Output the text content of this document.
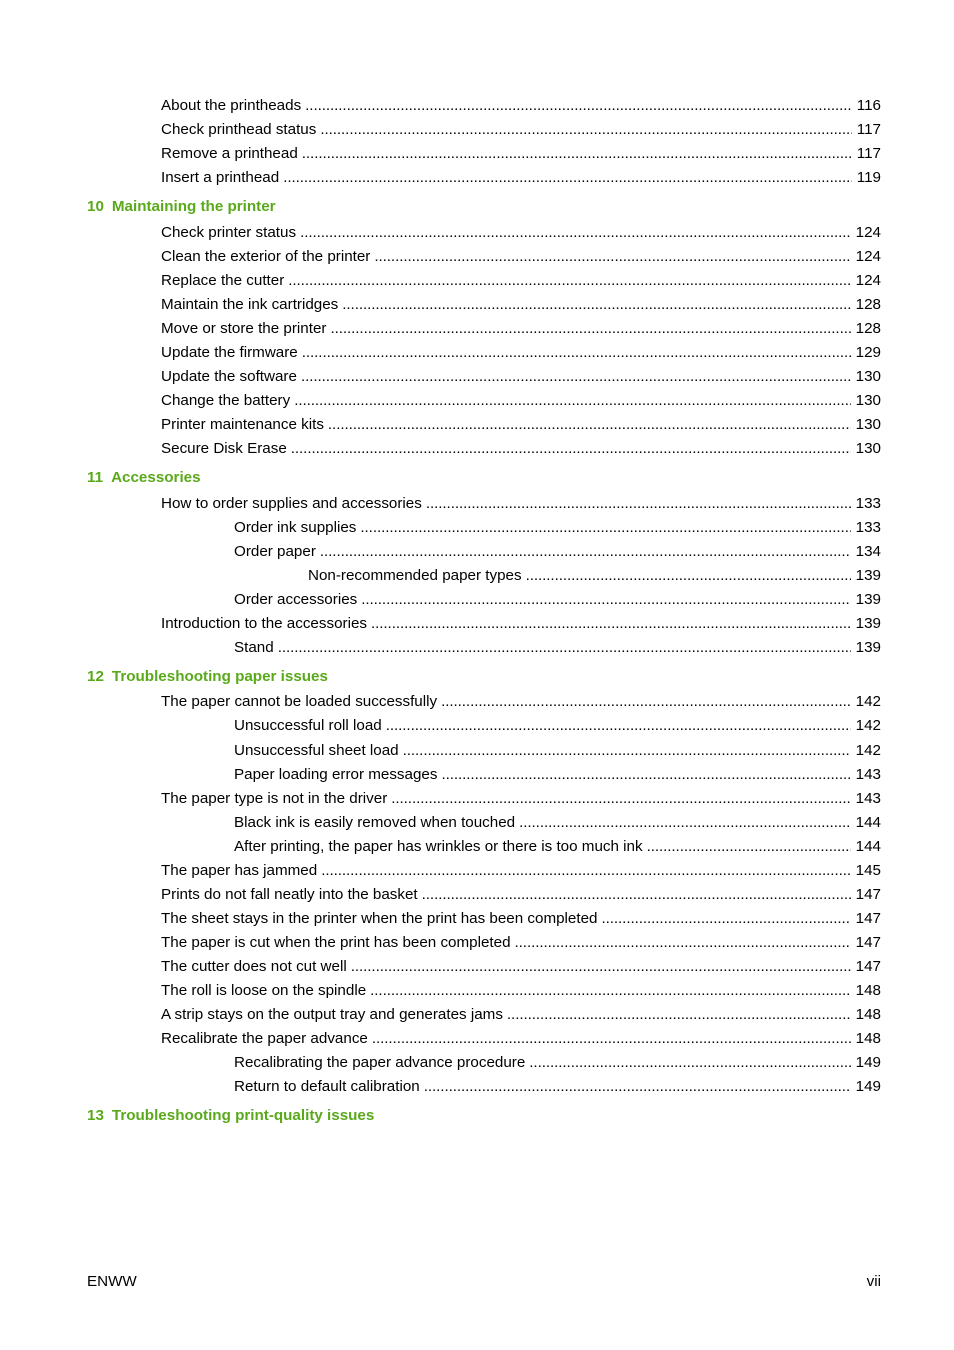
About the printheads . . .	116
Check printhead status . . .	117
Remove a printhead . . .	117
Insert a printhead . . .	119
10 Maintaining the printer
Check printer status . . .	124
Clean the exterior of the printer . . .	124
Replace the cutter . . .	124
Maintain the ink cartridges . . .	128
Move or store the printer . . .	128
Update the firmware . . .	129
Update the software . . .	130
Change the battery . . .	130
Printer maintenance kits . . .	130
Secure Disk Erase . . .	130
11 Accessories
How to order supplies and accessories . . .	133
Order ink supplies . . .	133
Order paper . . .	134
Non-recommended paper types . . .	139
Order accessories . . .	139
Introduction to the accessories . . .	139
Stand . . .	139
12 Troubleshooting paper issues
The paper cannot be loaded successfully . . .	142
Unsuccessful roll load . . .	142
Unsuccessful sheet load . . .	142
Paper loading error messages . . .	143
The paper type is not in the driver . . .	143
Black ink is easily removed when touched . . .	144
After printing, the paper has wrinkles or there is too much ink . . .	144
The paper has jammed . . .	145
Prints do not fall neatly into the basket . . .	147
The sheet stays in the printer when the print has been completed . . .	147
The paper is cut when the print has been completed . . .	147
The cutter does not cut well . . .	147
The roll is loose on the spindle . . .	148
A strip stays on the output tray and generates jams . . .	148
Recalibrate the paper advance . . .	148
Recalibrating the paper advance procedure . . .	149
Return to default calibration . . .	149
13 Troubleshooting print-quality issues
ENWW	vii
